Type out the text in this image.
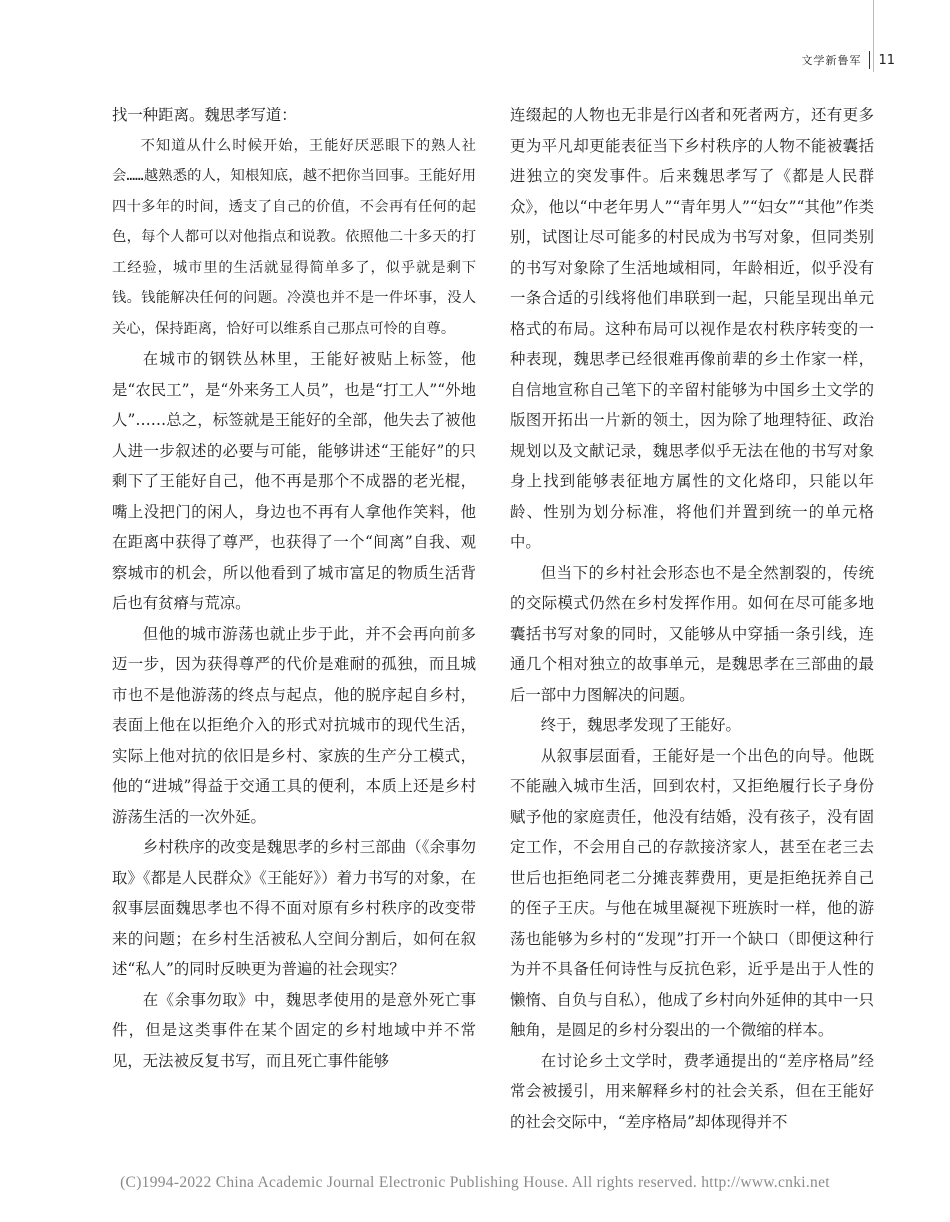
文学新鲁军 11

找一种距离。魏思孝写道：

不知道从什么时候开始，王能好厌恶眼下的熟人社会……越熟悉的人，知根知底，越不把你当回事。王能好用四十多年的时间，透支了自己的价值，不会再有任何的起色，每个人都可以对他指点和说教。依照他二十多天的打工经验，城市里的生活就显得简单多了，似乎就是剩下钱。钱能解决任何的问题。冷漠也并不是一件坏事，没人关心，保持距离，恰好可以维系自己那点可怜的自尊。

在城市的钢铁丛林里，王能好被贴上标签，他是“农民工”，是“外来务工人员”，也是“打工人”“外地人”……总之，标签就是王能好的全部，他失去了被他人进一步叙述的必要与可能，能够讲述“王能好”的只剩下了王能好自己，他不再是那个不成器的老光棍，嘴上没把门的闲人，身边也不再有人拿他作笑料，他在距离中获得了尊严，也获得了一个“间离”自我、观察城市的机会，所以他看到了城市富足的物质生活背后也有贫瘠与荒凉。

但他的城市游荡也就止步于此，并不会再向前多迈一步，因为获得尊严的代价是难耐的孤独，而且城市也不是他游荡的终点与起点，他的脱序起自乡村，表面上他在以拒绝介入的形式对抗城市的现代生活，实际上他对抗的依旧是乡村、家族的生产分工模式，他的“进城”得益于交通工具的便利，本质上还是乡村游荡生活的一次外延。

乡村秩序的改变是魏思孝的乡村三部曲（《余事勿取》《都是人民群众》《王能好》）着力书写的对象，在叙事层面魏思孝也不得不面对原有乡村秩序的改变带来的问题；在乡村生活被私人空间分割后，如何在叙述“私人”的同时反映更为普遍的社会现实？

在《余事勿取》中，魏思孝使用的是意外死亡事件，但是这类事件在某个固定的乡村地域中并不常见，无法被反复书写，而且死亡事件能够

连缀起的人物也无非是行凶者和死者两方，还有更多更为平凡却更能表征当下乡村秩序的人物不能被囊括进独立的突发事件。后来魏思孝写了《都是人民群众》，他以“中老年男人”“青年男人”“妇女”“其他”作类别，试图让尽可能多的村民成为书写对象，但同类别的书写对象除了生活地域相同，年龄相近，似乎没有一条合适的引线将他们串联到一起，只能呈现出单元格式的布局。这种布局可以视作是农村秩序转变的一种表现，魏思孝已经很难再像前辈的乡土作家一样，自信地宣称自己笔下的辛留村能够为中国乡土文学的版图开拓出一片新的领土，因为除了地理特征、政治规划以及文献记录，魏思孝似乎无法在他的书写对象身上找到能够表征地方属性的文化烙印，只能以年龄、性别为划分标准，将他们并置到统一的单元格中。

但当下的乡村社会形态也不是全然割裂的，传统的交际模式仍然在乡村发挥作用。如何在尽可能多地囊括书写对象的同时，又能够从中穿插一条引线，连通几个相对独立的故事单元，是魏思孝在三部曲的最后一部中力图解决的问题。

终于，魏思孝发现了王能好。

从叙事层面看，王能好是一个出色的向导。他既不能融入城市生活，回到农村，又拒绝履行长子身份赋予他的家庭责任，他没有结婚，没有孩子，没有固定工作，不会用自己的存款接济家人，甚至在老三去世后也拒绝同老二分摊丧葬费用，更是拒绝抚养自己的侄子王庆。与他在城里凝视下班族时一样，他的游荡也能够为乡村的“发现”打开一个缺口（即便这种行为并不具备任何诗性与反抗色彩，近乎是出于人性的懒惰、自负与自私），他成了乡村向外延伸的其中一只触角，是圆足的乡村分裂出的一个微缩的样本。

在讨论乡土文学时，费孝通提出的“差序格局”经常会被援引，用来解释乡村的社会关系，但在王能好的社会交际中，“差序格局”却体现得并不

(C)1994-2022 China Academic Journal Electronic Publishing House. All rights reserved. http://www.cnki.net
